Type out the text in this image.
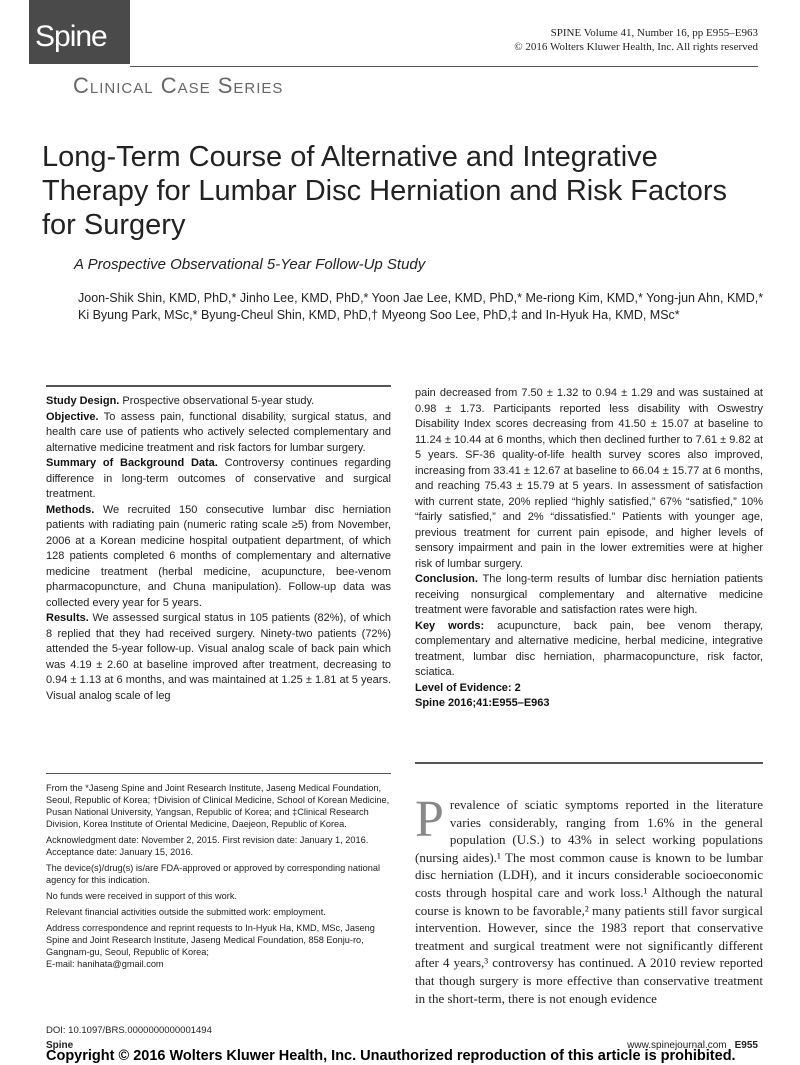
Spine	SPINE Volume 41, Number 16, pp E955–E963
© 2016 Wolters Kluwer Health, Inc. All rights reserved
Clinical Case Series
Long-Term Course of Alternative and Integrative Therapy for Lumbar Disc Herniation and Risk Factors for Surgery
A Prospective Observational 5-Year Follow-Up Study
Joon-Shik Shin, KMD, PhD,* Jinho Lee, KMD, PhD,* Yoon Jae Lee, KMD, PhD,* Me-riong Kim, KMD,* Yong-jun Ahn, KMD,* Ki Byung Park, MSc,* Byung-Cheul Shin, KMD, PhD,† Myeong Soo Lee, PhD,‡ and In-Hyuk Ha, KMD, MSc*

Study Design. Prospective observational 5-year study.

Objective. To assess pain, functional disability, surgical status, and health care use of patients who actively selected complementary and alternative medicine treatment and risk factors for lumbar surgery.

Summary of Background Data. Controversy continues regarding difference in long-term outcomes of conservative and surgical treatment.

Methods. We recruited 150 consecutive lumbar disc herniation patients with radiating pain (numeric rating scale ≥5) from November, 2006 at a Korean medicine hospital outpatient department, of which 128 patients completed 6 months of complementary and alternative medicine treatment (herbal medicine, acupuncture, bee-venom pharmacopuncture, and Chuna manipulation). Follow-up data was collected every year for 5 years.

Results. We assessed surgical status in 105 patients (82%), of which 8 replied that they had received surgery. Ninety-two patients (72%) attended the 5-year follow-up. Visual analog scale of back pain which was 4.19 ± 2.60 at baseline improved after treatment, decreasing to 0.94 ± 1.13 at 6 months, and was maintained at 1.25 ± 1.81 at 5 years. Visual analog scale of leg

pain decreased from 7.50 ± 1.32 to 0.94 ± 1.29 and was sustained at 0.98 ± 1.73. Participants reported less disability with Oswestry Disability Index scores decreasing from 41.50 ± 15.07 at baseline to 11.24 ± 10.44 at 6 months, which then declined further to 7.61 ± 9.82 at 5 years. SF-36 quality-of-life health survey scores also improved, increasing from 33.41 ± 12.67 at baseline to 66.04 ± 15.77 at 6 months, and reaching 75.43 ± 15.79 at 5 years. In assessment of satisfaction with current state, 20% replied “highly satisfied,” 67% “satisfied,” 10% “fairly satisfied,” and 2% “dissatisfied.” Patients with younger age, previous treatment for current pain episode, and higher levels of sensory impairment and pain in the lower extremities were at higher risk of lumbar surgery.

Conclusion. The long-term results of lumbar disc herniation patients receiving nonsurgical complementary and alternative medicine treatment were favorable and satisfaction rates were high.

Key words: acupuncture, back pain, bee venom therapy, complementary and alternative medicine, herbal medicine, integrative treatment, lumbar disc herniation, pharmacopuncture, risk factor, sciatica.

Level of Evidence: 2

Spine 2016;41:E955–E963

From the *Jaseng Spine and Joint Research Institute, Jaseng Medical Foundation, Seoul, Republic of Korea; †Division of Clinical Medicine, School of Korean Medicine, Pusan National University, Yangsan, Republic of Korea; and ‡Clinical Research Division, Korea Institute of Oriental Medicine, Daejeon, Republic of Korea.

Acknowledgment date: November 2, 2015. First revision date: January 1, 2016. Acceptance date: January 15, 2016.

The device(s)/drug(s) is/are FDA-approved or approved by corresponding national agency for this indication.

No funds were received in support of this work.

Relevant financial activities outside the submitted work: employment.

Address correspondence and reprint requests to In-Hyuk Ha, KMD, MSc, Jaseng Spine and Joint Research Institute, Jaseng Medical Foundation, 858 Eonju-ro, Gangnam-gu, Seoul, Republic of Korea;

E-mail: hanihata@gmail.com

DOI: 10.1097/BRS.0000000000001494
Prevalence of sciatic symptoms reported in the literature varies considerably, ranging from 1.6% in the general population (U.S.) to 43% in select working populations (nursing aides).¹ The most common cause is known to be lumbar disc herniation (LDH), and it incurs considerable socioeconomic costs through hospital care and work loss.¹ Although the natural course is known to be favorable,² many patients still favor surgical intervention. However, since the 1983 report that conservative treatment and surgical treatment were not significantly different after 4 years,³ controversy has continued. A 2010 review reported that though surgery is more effective than conservative treatment in the short-term, there is not enough evidence
Spine	www.spinejournal.com E955
Copyright © 2016 Wolters Kluwer Health, Inc. Unauthorized reproduction of this article is prohibited.
